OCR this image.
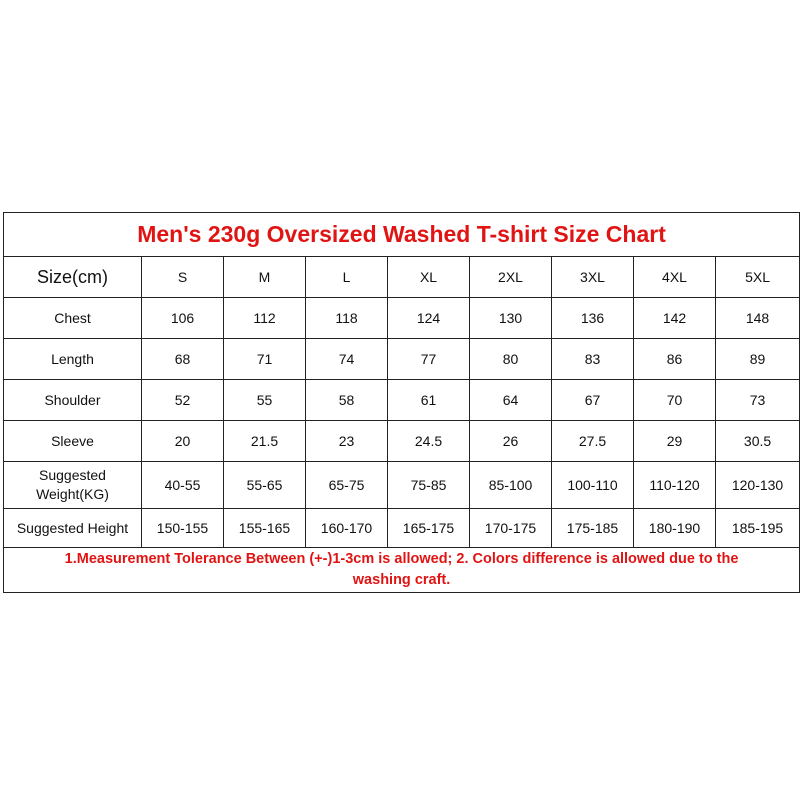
Men's 230g Oversized Washed T-shirt Size Chart								
Size(cm)	S	M	L	XL	2XL	3XL	4XL	5XL
Chest	106	112	118	124	130	136	142	148
Length	68	71	74	77	80	83	86	89
Shoulder	52	55	58	61	64	67	70	73
Sleeve	20	21.5	23	24.5	26	27.5	29	30.5

Suggested
Weight(KG)	40-55	55-65	65-75	75-85	85-100	100-110	110-120	120-130
Suggested Height	150-155	155-165	160-170	165-175	170-175	175-185	180-190	185-195

1.Measurement Tolerance Between (+-)1-3cm is allowed; 2. Colors difference is allowed due to the
washing craft.								
